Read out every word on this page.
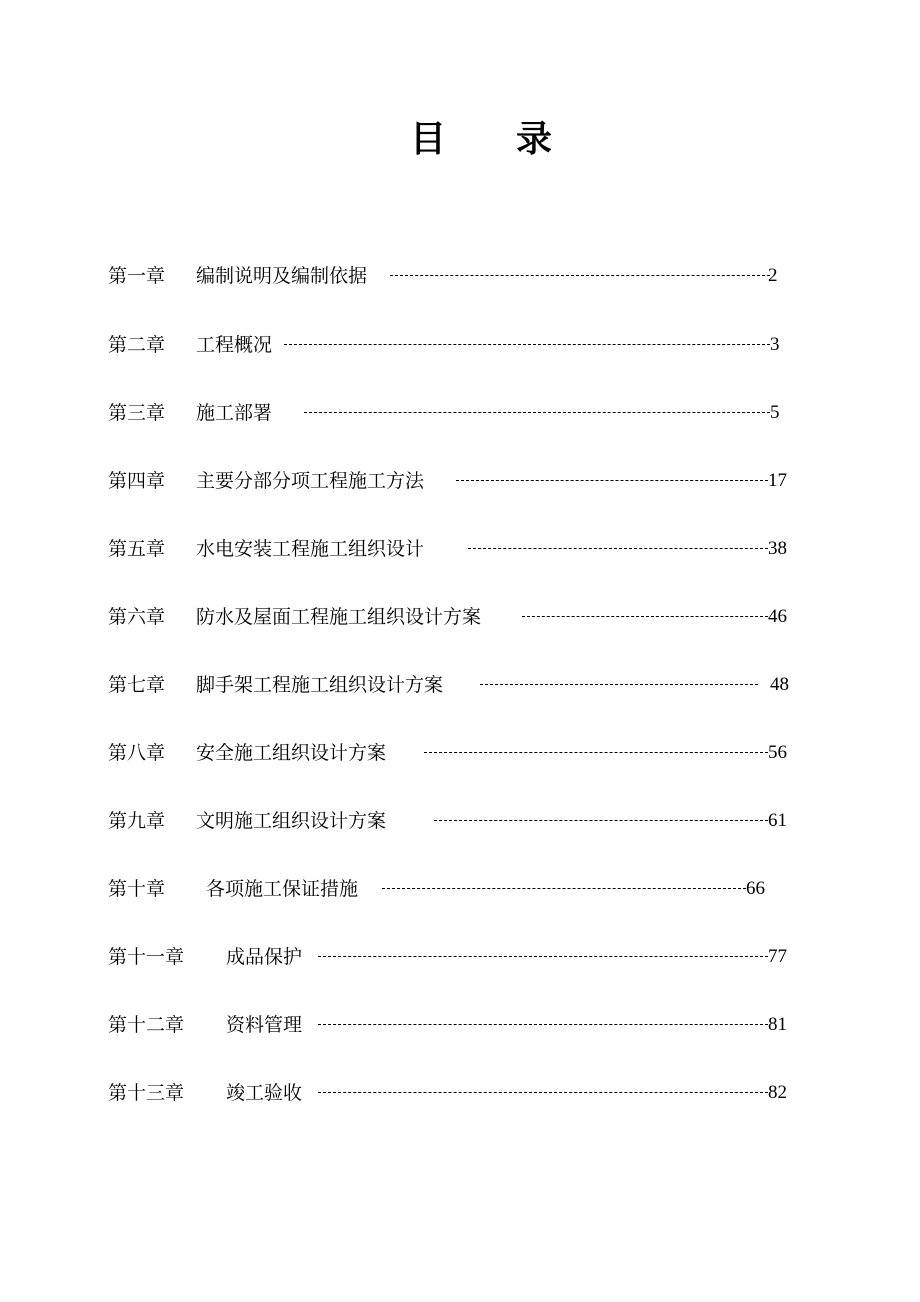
目 录
第一章 编制说明及编制依据	2
第二章 工程概况	3
第三章 施工部署	5
第四章 主要分部分项工程施工方法	17
第五章 水电安装工程施工组织设计	38
第六章 防水及屋面工程施工组织设计方案	46
第七章 脚手架工程施工组织设计方案	48
第八章 安全施工组织设计方案	56
第九章 文明施工组织设计方案	61
第十章 各项施工保证措施	66
第十一章 成品保护	77
第十二章 资料管理	81
第十三章 竣工验收	82
